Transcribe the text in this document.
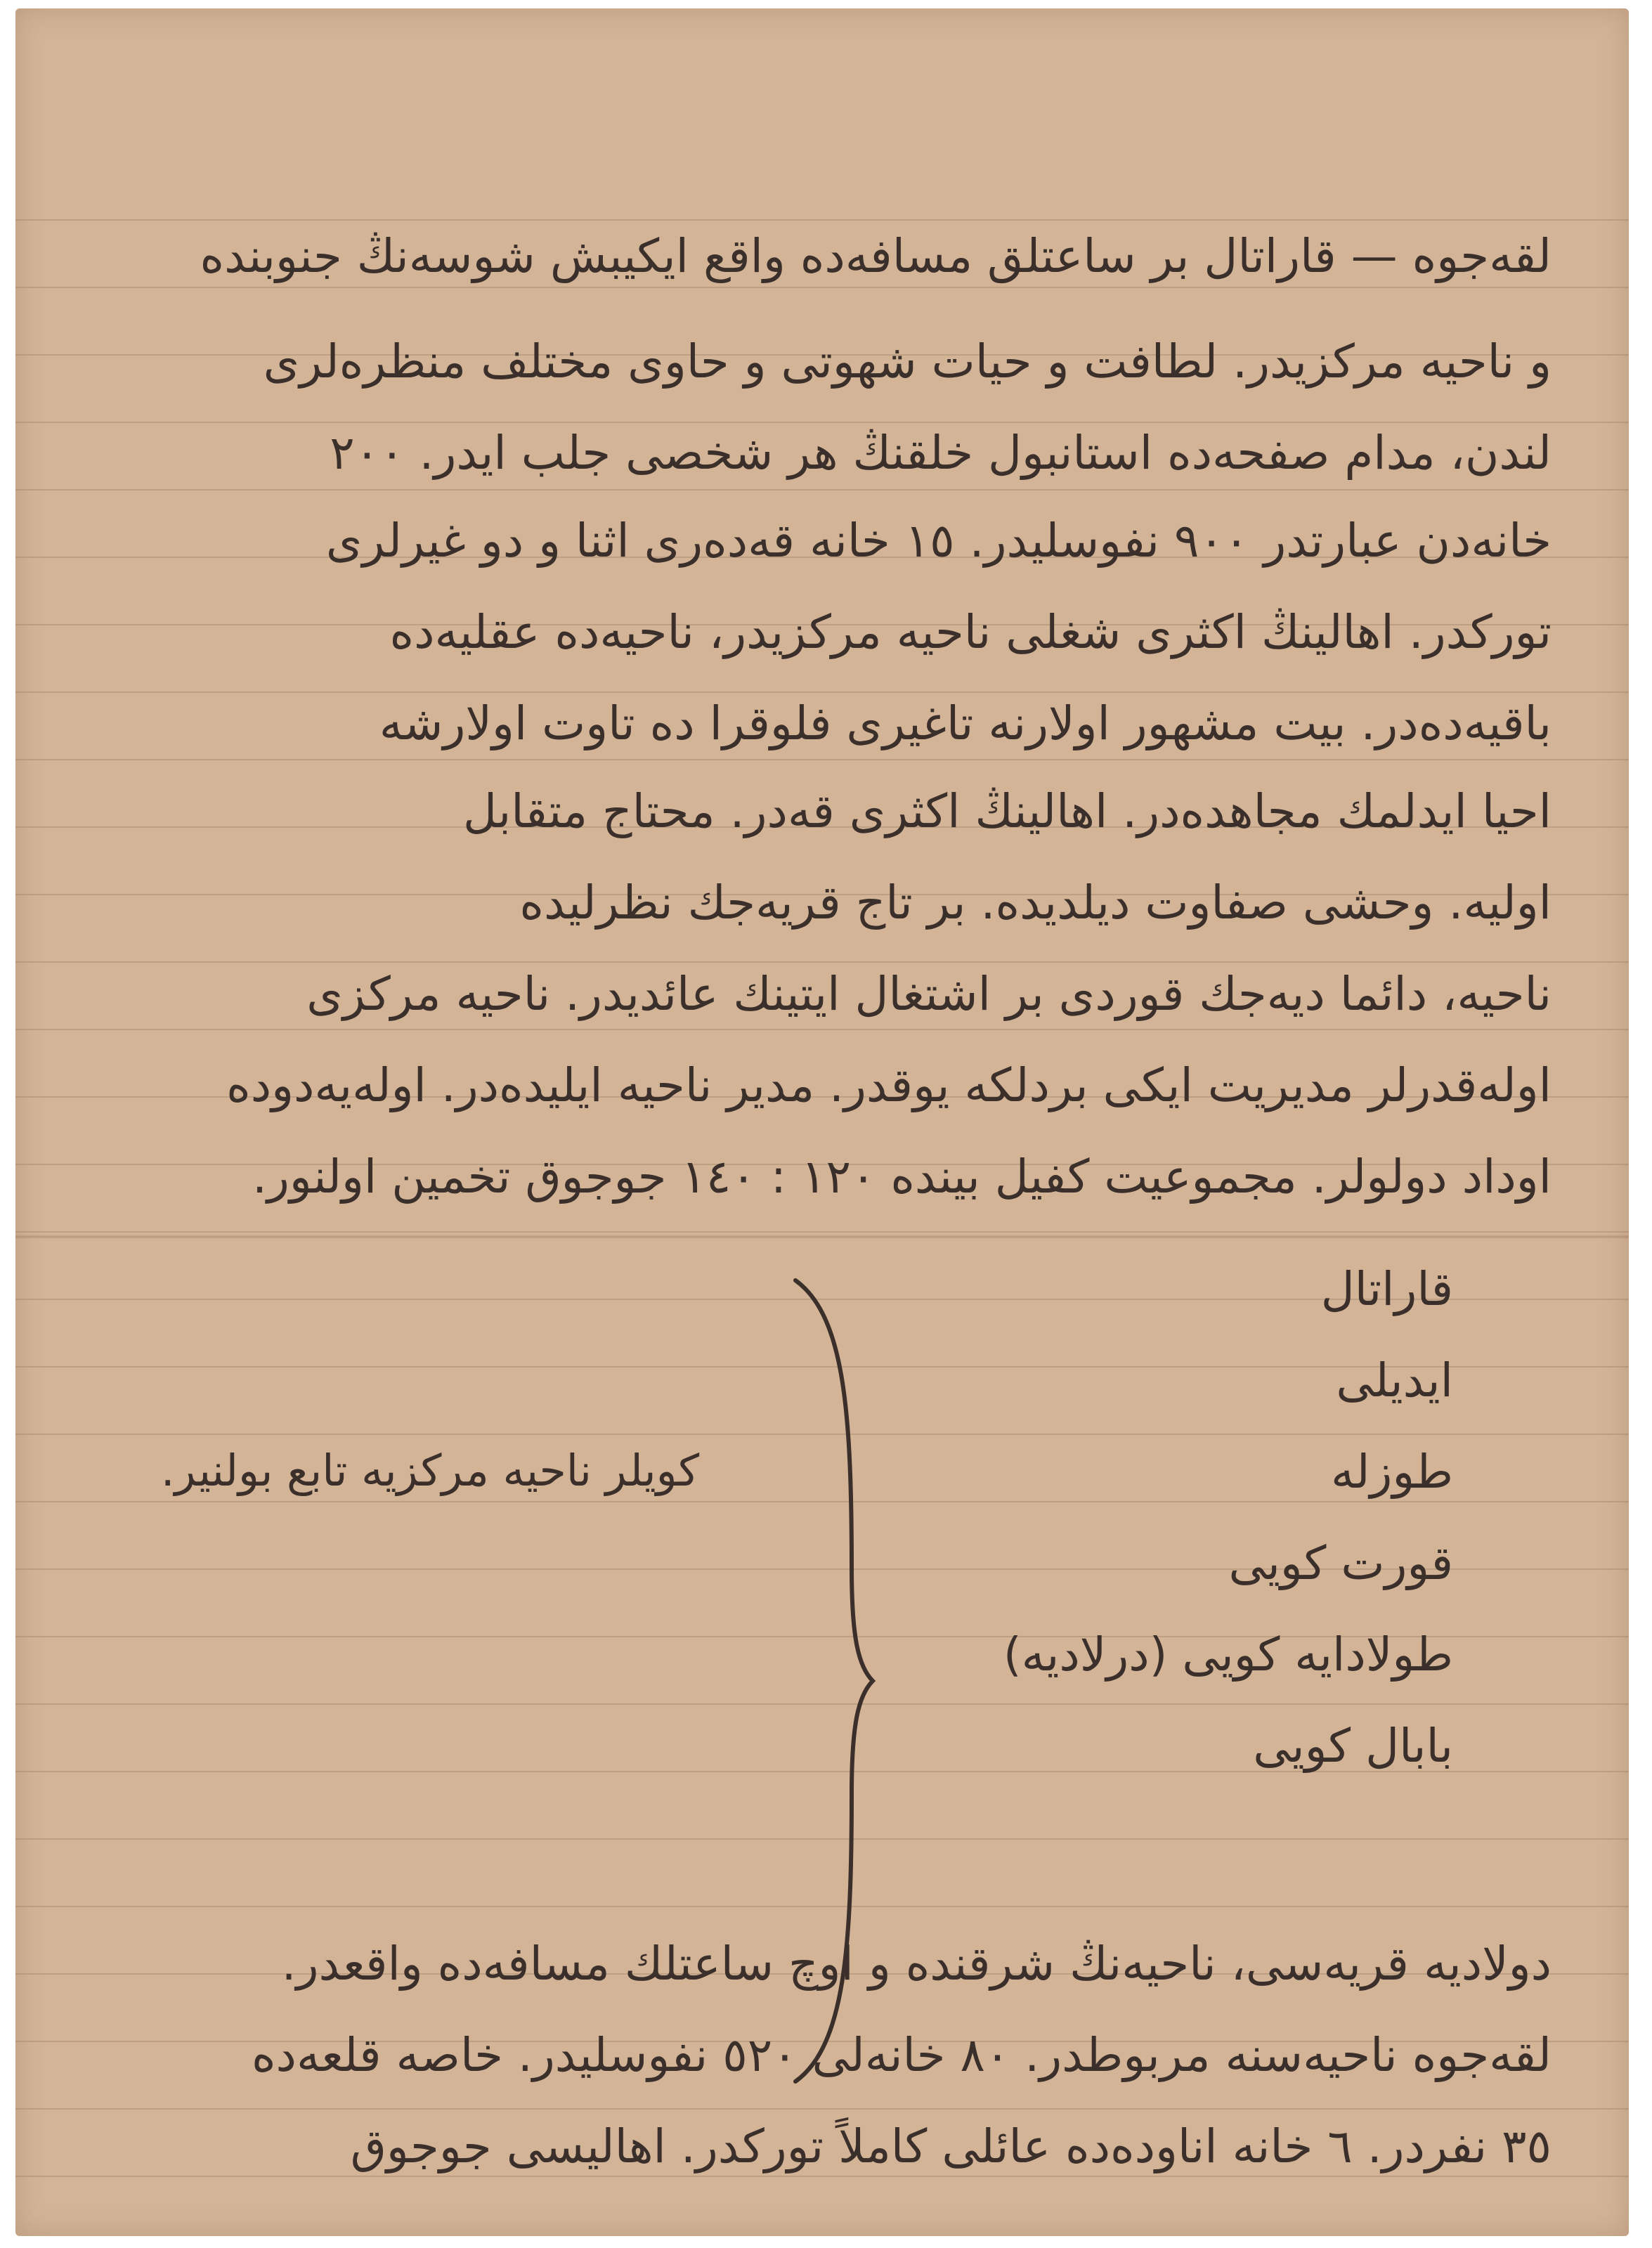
لقەجوه — قاراتال بر ساعتلق مسافەدە واقع ایکیبش شوسەنڭ جنوبندە
و ناحیە مرکزیدر. لطافت و حیات شهوتی و حاوی مختلف منظرەلری
لندن، مدام صفحەدە استانبول خلقنڭ هر شخصی جلب ایدر. ٢٠٠
خانەدن عبارتدر ٩٠٠ نفوسلیدر. ١٥ خانە قەدەری اثنا و دو غیرلری
تورکدر. اهالینڭ اکثری شغلی ناحیە مرکزیدر، ناحیەدە عقلیەدە
باقیەدەدر. بیت مشهور اولارنە تاغیری فلوقرا دە تاوت اولارشە
احیا ایدلمك مجاهدەدر. اهالینڭ اکثری قەدر. محتاج متقابل
اولیه. وحشی صفاوت دیلدیدە. بر تاج قریەجك نظرلیدە
ناحیە، دائما دیەجك قوردی بر اشتغال ایتینك عائدیدر. ناحیە مرکزی
اولەقدرلر مدیریت ایکی بردلکە یوقدر. مدیر ناحیە ایلیدەدر. اولەیەدودە
اوداد دولولر. مجموعیت کفیل بینده ١٢٠ : ١٤٠ جوجوق تخمین اولنور.
قاراتال
ایدیلی
طوزلە
قورت کویی
طولادایه کویی (درلادیه)
بابال کویی
کویلر ناحیە مرکزیە تابع بولنیر.
دولادیە قریەسی، ناحیەنڭ شرقندە و اوچ ساعتلك مسافەدە واقعدر.
لقەجوه ناحیەسنە مربوطدر. ٨٠ خانەلی ٥٢٠ نفوسلیدر. خاصە قلعەدە
٣٥ نفردر. ٦ خانە اناودەدە عائلی کاملاً تورکدر. اهالیسی جوجوق
